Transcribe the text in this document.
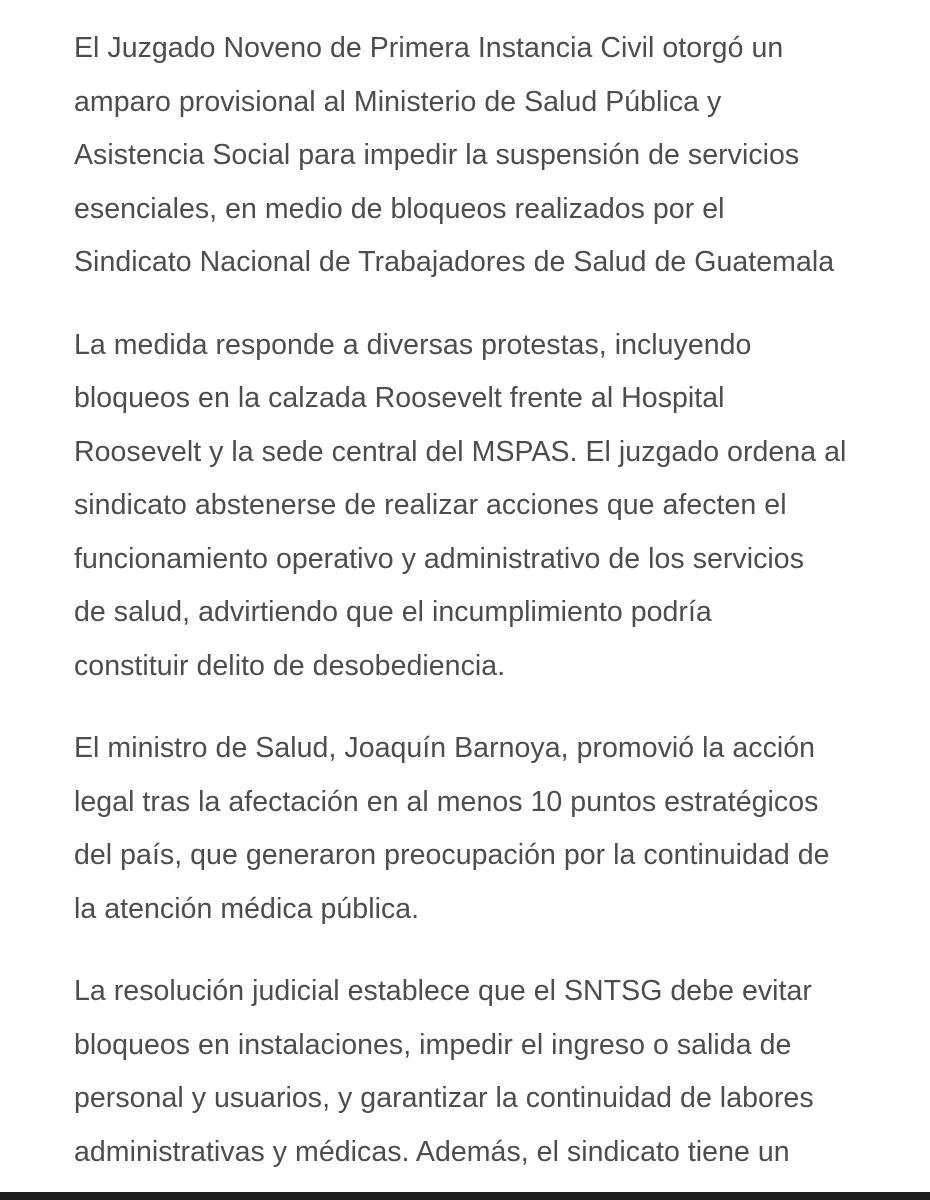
El Juzgado Noveno de Primera Instancia Civil otorgó un
amparo provisional al Ministerio de Salud Pública y
Asistencia Social para impedir la suspensión de servicios
esenciales, en medio de bloqueos realizados por el
Sindicato Nacional de Trabajadores de Salud de Guatemala

La medida responde a diversas protestas, incluyendo
bloqueos en la calzada Roosevelt frente al Hospital
Roosevelt y la sede central del MSPAS. El juzgado ordena al
sindicato abstenerse de realizar acciones que afecten el
funcionamiento operativo y administrativo de los servicios
de salud, advirtiendo que el incumplimiento podría
constituir delito de desobediencia.

El ministro de Salud, Joaquín Barnoya, promovió la acción
legal tras la afectación en al menos 10 puntos estratégicos
del país, que generaron preocupación por la continuidad de
la atención médica pública.

La resolución judicial establece que el SNTSG debe evitar
bloqueos en instalaciones, impedir el ingreso o salida de
personal y usuarios, y garantizar la continuidad de labores
administrativas y médicas. Además, el sindicato tiene un
